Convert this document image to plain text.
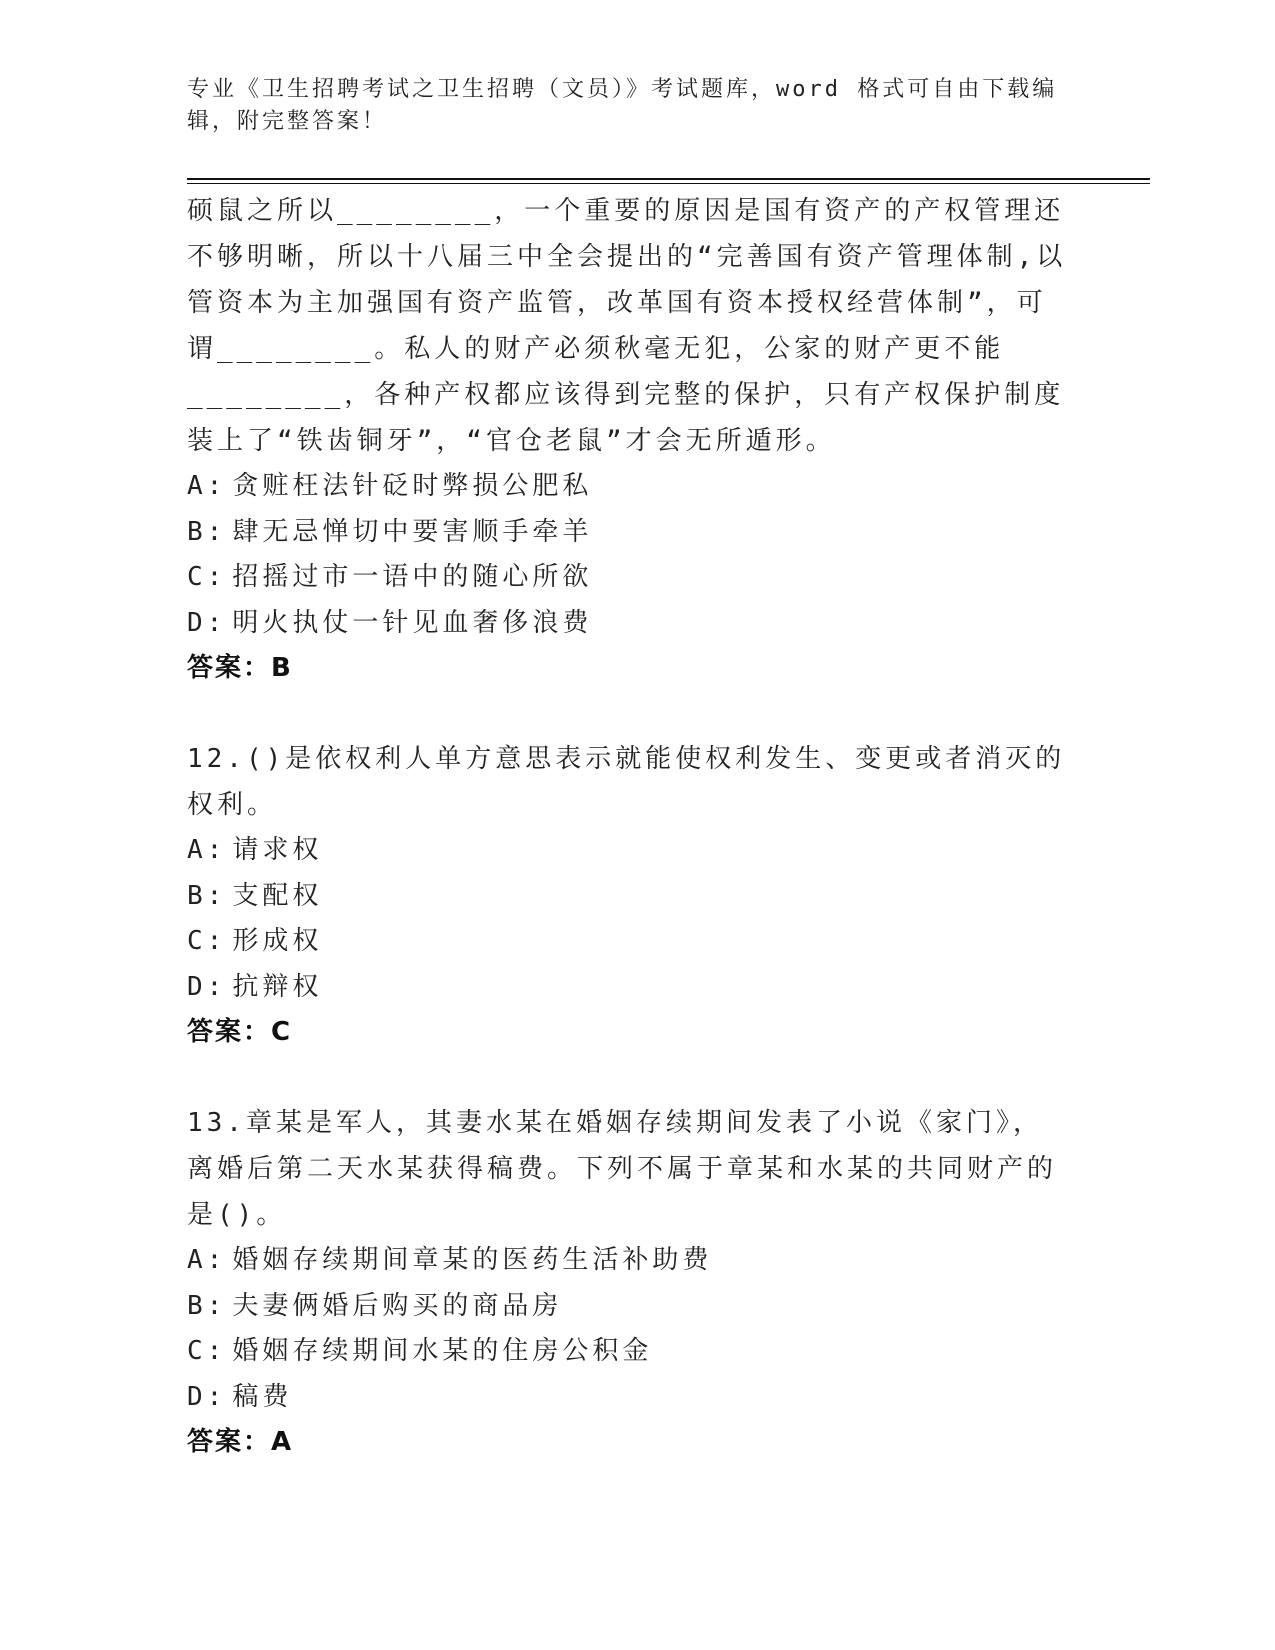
专业《卫生招聘考试之卫生招聘（文员）》考试题库，word 格式可自由下载编辑，附完整答案！

硕鼠之所以________，一个重要的原因是国有资产的产权管理还不够明晰，所以十八届三中全会提出的“完善国有资产管理体制,以管资本为主加强国有资产监管，改革国有资本授权经营体制”，可谓________。私人的财产必须秋毫无犯，公家的财产更不能________，各种产权都应该得到完整的保护，只有产权保护制度装上了“铁齿铜牙”，“官仓老鼠”才会无所遁形。

A: 贪赃枉法针砭时弊损公肥私

B: 肆无忌惮切中要害顺手牵羊

C: 招摇过市一语中的随心所欲

D: 明火执仗一针见血奢侈浪费

答案：B

12.()是依权利人单方意思表示就能使权利发生、变更或者消灭的权利。

A: 请求权

B: 支配权

C: 形成权

D: 抗辩权

答案：C

13.章某是军人，其妻水某在婚姻存续期间发表了小说《家门》，离婚后第二天水某获得稿费。下列不属于章某和水某的共同财产的是()。

A: 婚姻存续期间章某的医药生活补助费

B: 夫妻俩婚后购买的商品房

C: 婚姻存续期间水某的住房公积金

D: 稿费

答案：A
